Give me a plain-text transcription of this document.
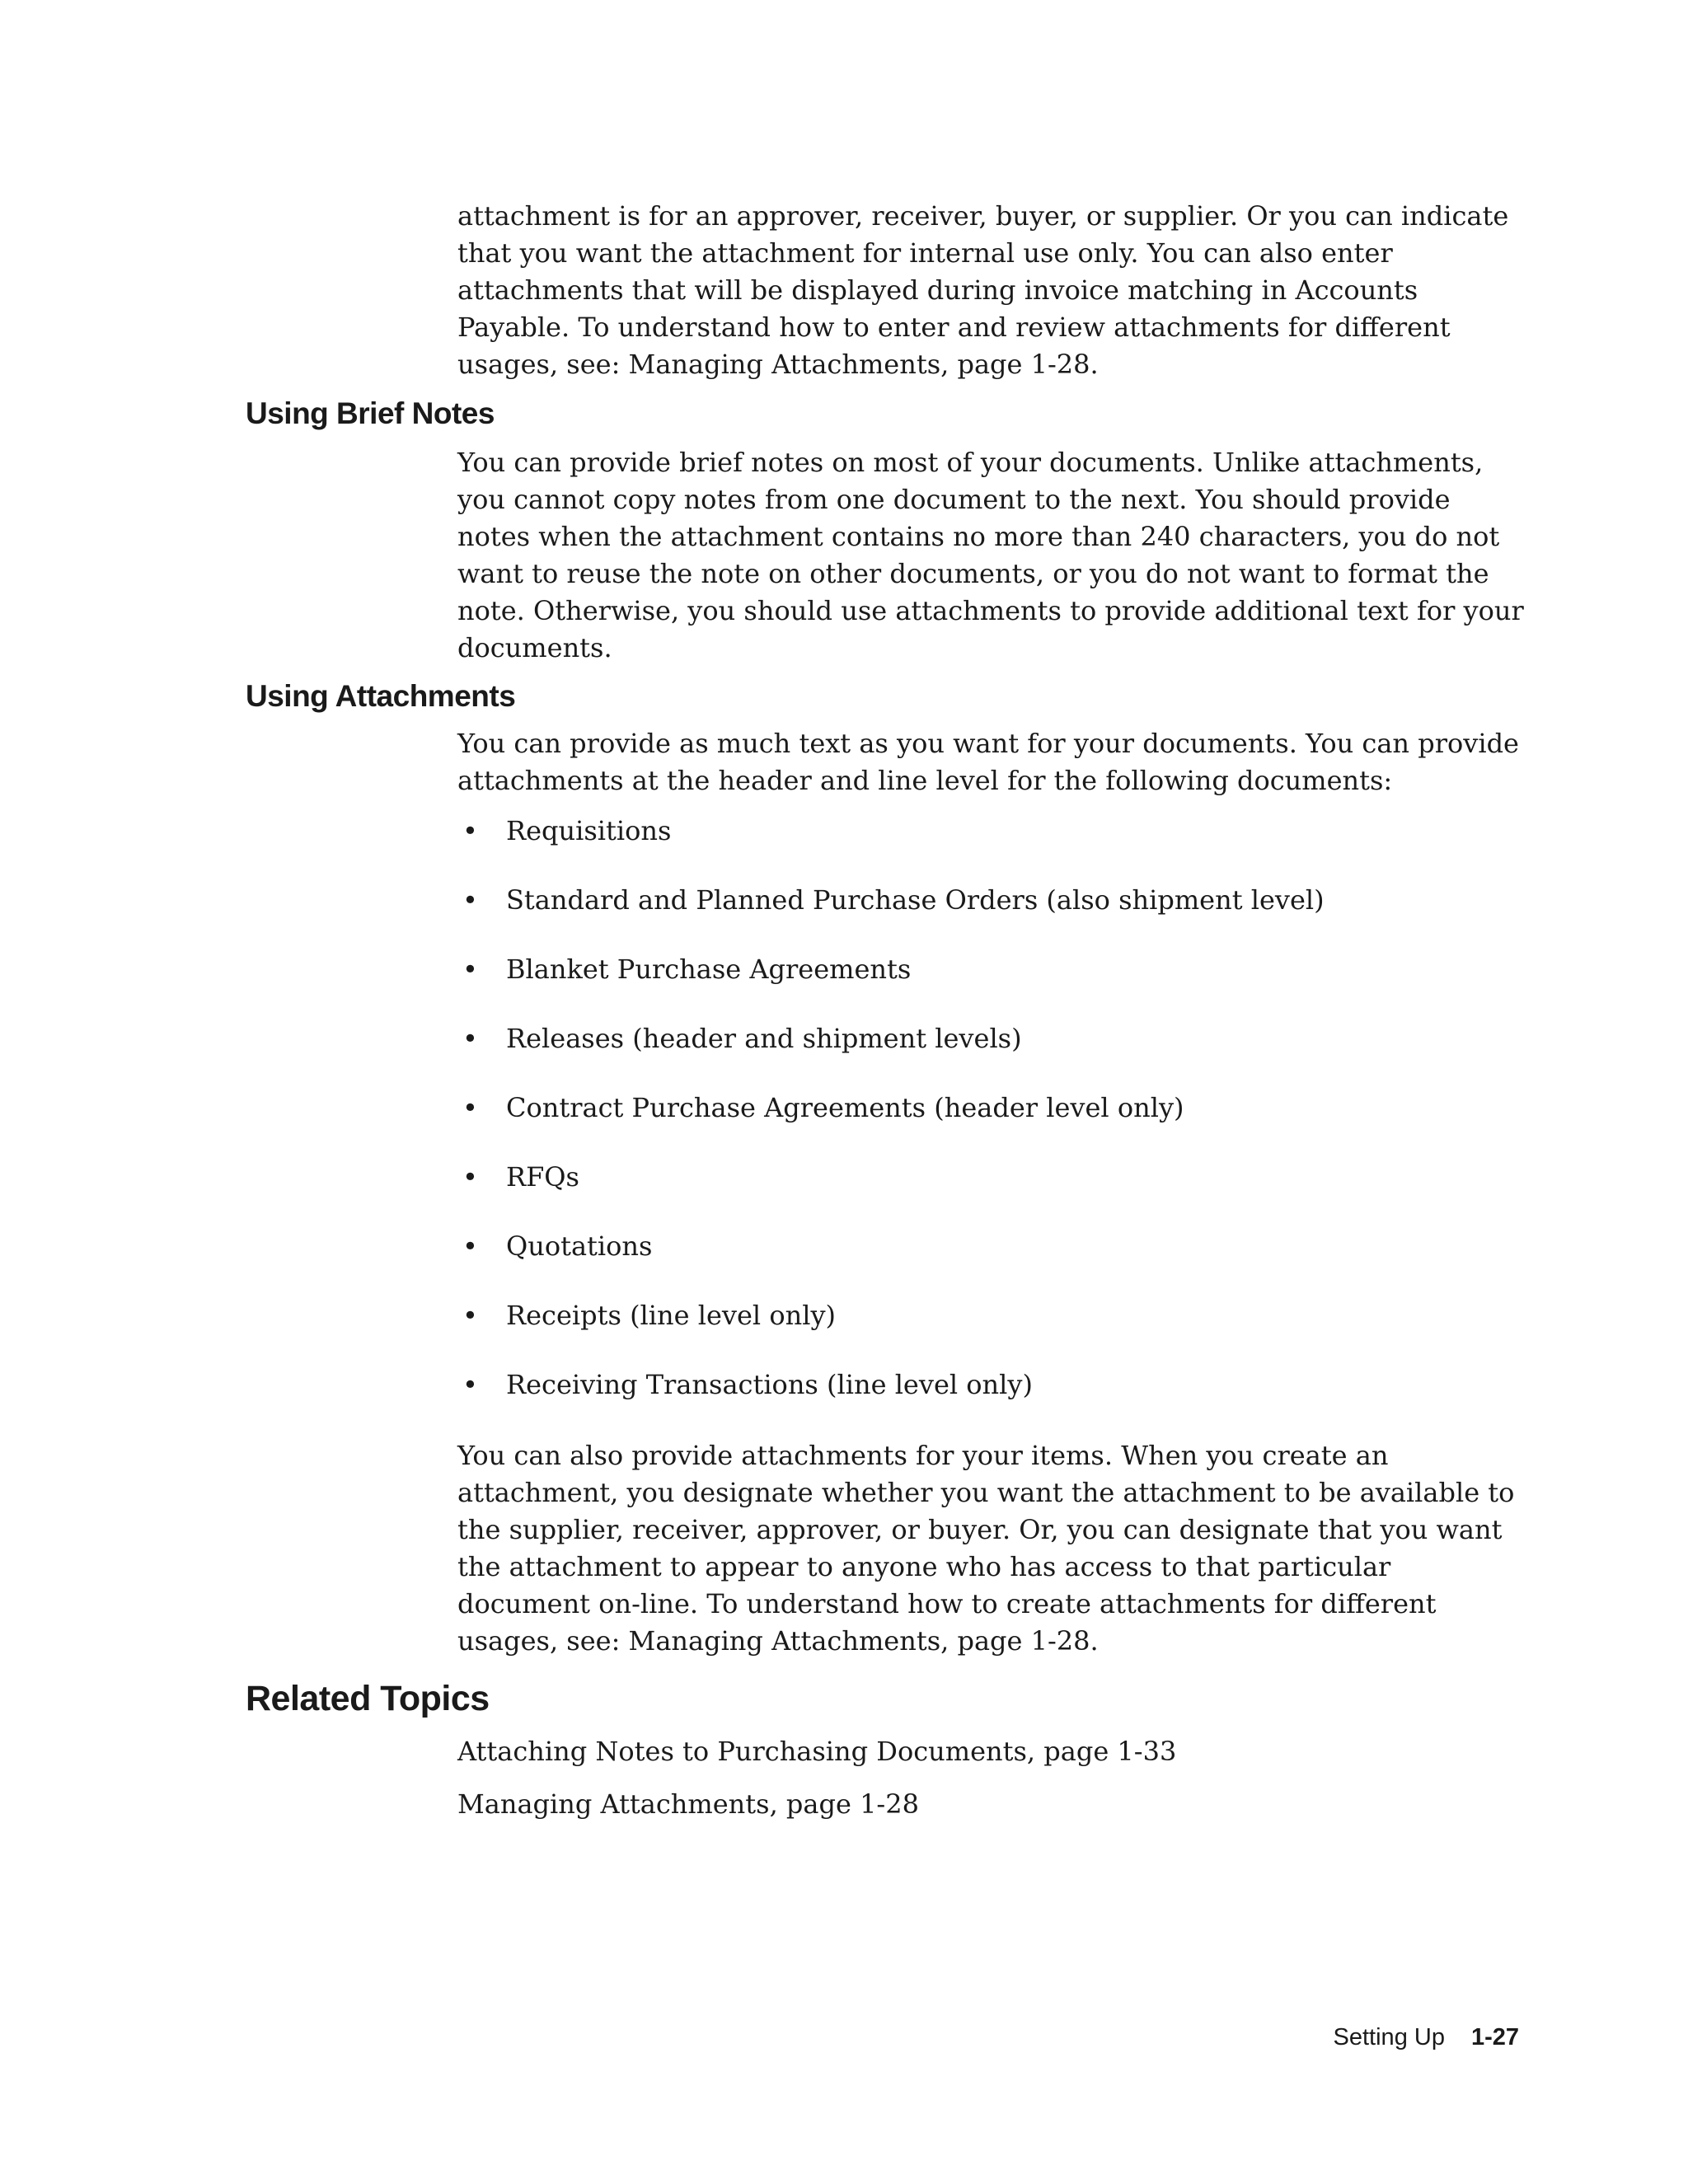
attachment is for an approver, receiver, buyer, or supplier. Or you can indicate that you want the attachment for internal use only. You can also enter attachments that will be displayed during invoice matching in Accounts Payable. To understand how to enter and review attachments for different usages, see: Managing Attachments, page 1-28.

Using Brief Notes

You can provide brief notes on most of your documents. Unlike attachments, you cannot copy notes from one document to the next. You should provide notes when the attachment contains no more than 240 characters, you do not want to reuse the note on other documents, or you do not want to format the note. Otherwise, you should use attachments to provide additional text for your documents.

Using Attachments

You can provide as much text as you want for your documents. You can provide attachments at the header and line level for the following documents:

• Requisitions
• Standard and Planned Purchase Orders (also shipment level)
• Blanket Purchase Agreements
• Releases (header and shipment levels)
• Contract Purchase Agreements (header level only)
• RFQs
• Quotations
• Receipts (line level only)
• Receiving Transactions (line level only)

You can also provide attachments for your items. When you create an attachment, you designate whether you want the attachment to be available to the supplier, receiver, approver, or buyer. Or, you can designate that you want the attachment to appear to anyone who has access to that particular document on-line. To understand how to create attachments for different usages, see: Managing Attachments, page 1-28.

Related Topics
Attaching Notes to Purchasing Documents, page 1-33
Managing Attachments, page 1-28
Setting Up 1-27
